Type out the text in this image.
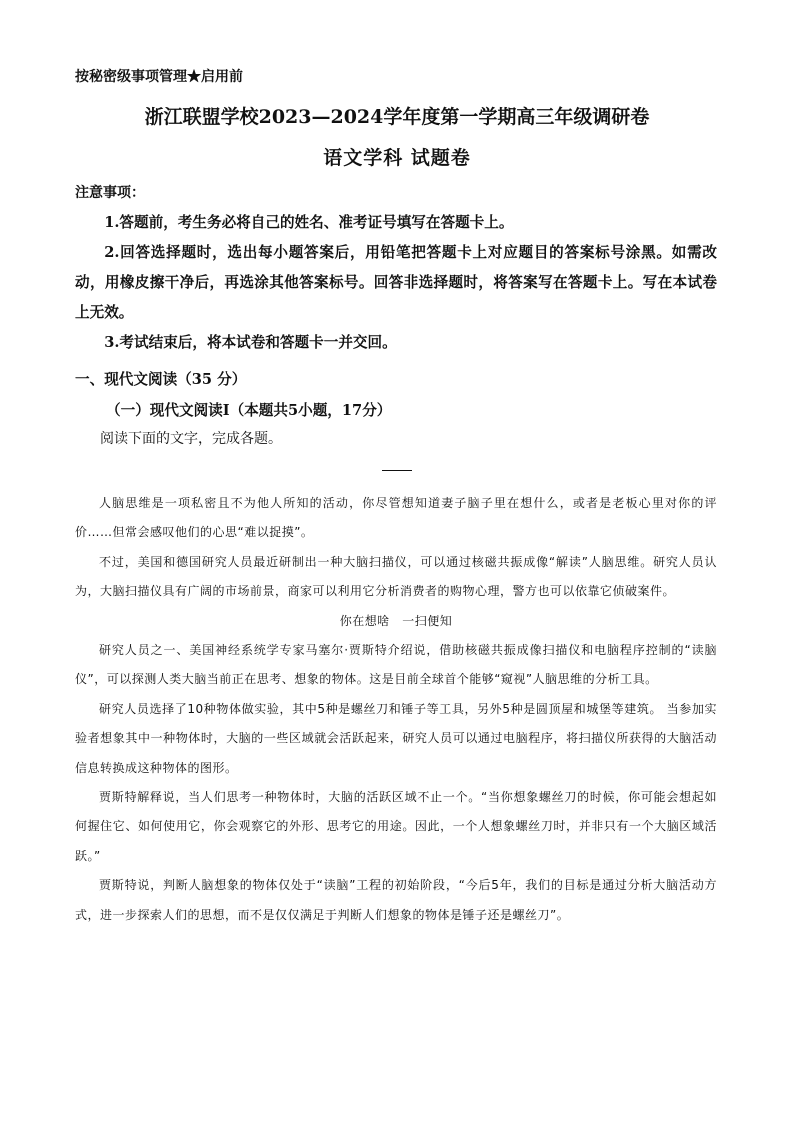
按秘密级事项管理★启用前
浙江联盟学校2023—2024学年度第一学期高三年级调研卷
语文学科 试题卷
注意事项：

1.答题前，考生务必将自己的姓名、准考证号填写在答题卡上。

2.回答选择题时，选出每小题答案后，用铅笔把答题卡上对应题目的答案标号涂黑。如需改动，用橡皮擦干净后，再选涂其他答案标号。回答非选择题时，将答案写在答题卡上。写在本试卷上无效。

3.考试结束后，将本试卷和答题卡一并交回。

一、现代文阅读（35 分）
（一）现代文阅读Ⅰ（本题共5小题，17分）
阅读下面的文字，完成各题。

人脑思维是一项私密且不为他人所知的活动，你尽管想知道妻子脑子里在想什么，或者是老板心里对你的评价……但常会感叹他们的心思“难以捉摸”。

不过，美国和德国研究人员最近研制出一种大脑扫描仪，可以通过核磁共振成像“解读”人脑思维。研究人员认为，大脑扫描仪具有广阔的市场前景，商家可以利用它分析消费者的购物心理，警方也可以依靠它侦破案件。

你在想啥　一扫便知

研究人员之一、美国神经系统学专家马塞尔·贾斯特介绍说，借助核磁共振成像扫描仪和电脑程序控制的“读脑仪”，可以探测人类大脑当前正在思考、想象的物体。这是目前全球首个能够“窥视”人脑思维的分析工具。

研究人员选择了10种物体做实验，其中5种是螺丝刀和锤子等工具，另外5种是圆顶屋和城堡等建筑。 当参加实验者想象其中一种物体时，大脑的一些区域就会活跃起来，研究人员可以通过电脑程序，将扫描仪所获得的大脑活动信息转换成这种物体的图形。

贾斯特解释说，当人们思考一种物体时，大脑的活跃区域不止一个。“当你想象螺丝刀的时候，你可能会想起如何握住它、如何使用它，你会观察它的外形、思考它的用途。因此，一个人想象螺丝刀时，并非只有一个大脑区域活跃。”

贾斯特说，判断人脑想象的物体仅处于“读脑”工程的初始阶段，“今后5年，我们的目标是通过分析大脑活动方式，进一步探索人们的思想，而不是仅仅满足于判断人们想象的物体是锤子还是螺丝刀”。
